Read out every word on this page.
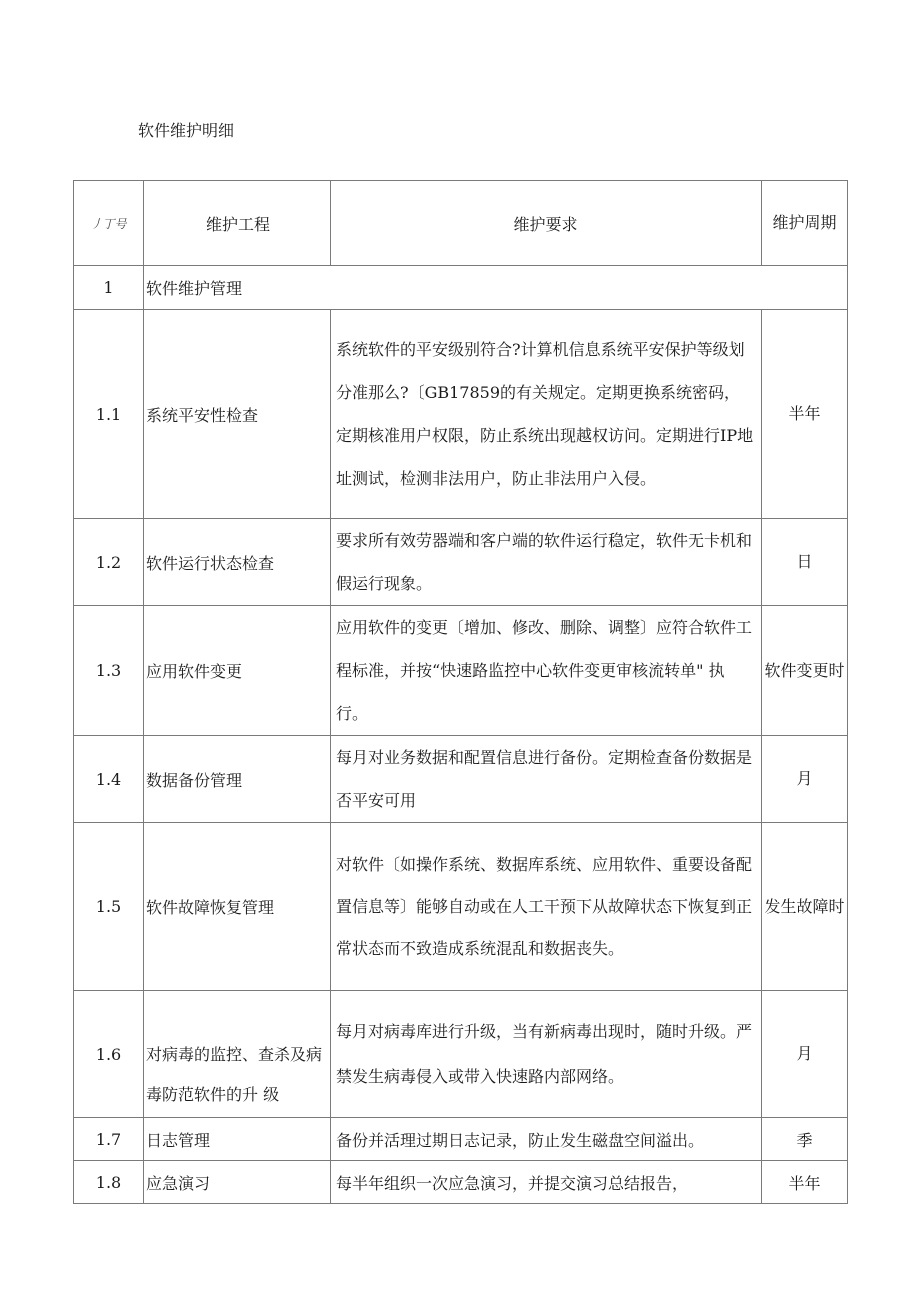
软件维护明细
丿丁号	维护工程	维护要求	维护周期
1	软件维护管理		
1.1	系统平安性检查	系统软件的平安级别符合?计算机信息系统平安保护等级划分准那么?〔GB17859的有关规定。定期更换系统密码，定期核准用户权限，防止系统出现越权访问。定期进行IP地址测试，检测非法用户，防止非法用户入侵。	半年
1.2	软件运行状态检查	要求所有效劳器端和客户端的软件运行稳定，软件无卡机和假运行现象。	日
1.3	应用软件变更	应用软件的变更〔增加、修改、删除、调整〕应符合软件工程标准，并按“快速路监控中心软件变更审核流转单" 执行。	软件变更时
1.4	数据备份管理	每月对业务数据和配置信息进行备份。定期检查备份数据是否平安可用	月
1.5	软件故障恢复管理	对软件〔如操作系统、数据库系统、应用软件、重要设备配置信息等〕能够自动或在人工干预下从故障状态下恢复到正常状态而不致造成系统混乱和数据丧失。	发生故障时
1.6	对病毒的监控、查杀及病毒防范软件的升 级	每月对病毒库进行升级，当有新病毒出现时，随时升级。严禁发生病毒侵入或带入快速路内部网络。	月
1.7	日志管理	备份并活理过期日志记录，防止发生磁盘空间溢出。	季
1.8	应急演习	每半年组织一次应急演习，并提交演习总结报告，	半年
